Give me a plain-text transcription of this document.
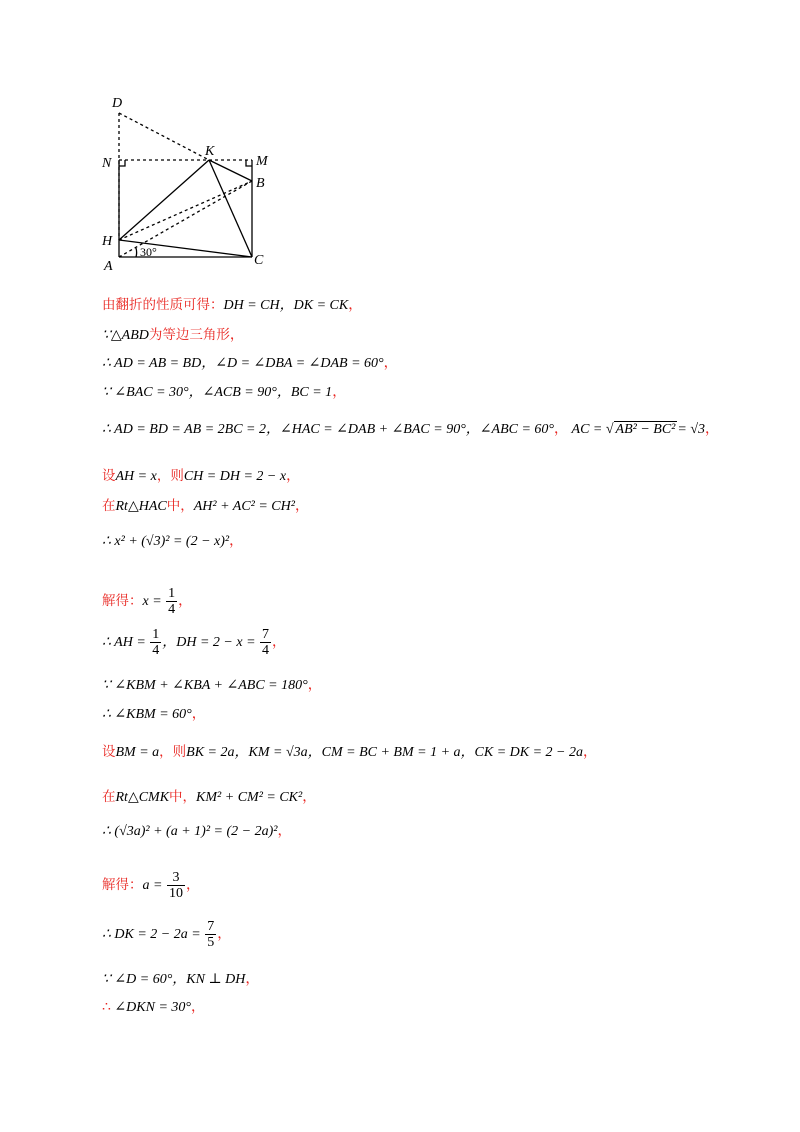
D
N
K
M
B
H
A	C
30°
由翻折的性质可得：DH = CH，DK = CK，
∵△ABD为等边三角形，
∴ AD = AB = BD，∠D = ∠DBA = ∠DAB = 60°，
∵ ∠BAC = 30°，∠ACB = 90°，BC = 1，
∴ AD = BD = AB = 2BC = 2，∠HAC = ∠DAB + ∠BAC = 90°，∠ABC = 60°， AC = √ AB² − BC² = √3，
设AH = x，则CH = DH = 2 − x，
在Rt△HAC中，AH² + AC² = CH²，
∴ x² + (√3)² = (2 − x)²，
解得：$x = \frac{1}{4}$ ，
∴ AH = $\frac{1}{4}$ ，DH = $2 - x = \frac{7}{4}$ ，
∵ ∠KBM + ∠KBA + ∠ABC = 180°，
∴ ∠KBM = 60°，
设BM = a，则BK = 2a，KM = √3a，CM = BC + BM = 1 + a，CK = DK = 2 − 2a，
在Rt△CMK中，KM² + CM² = CK²，
∴ (√3a)² + (a + 1)² = (2 − 2a)²，
解得：$a = \frac{3}{10}$ ，
∴ DK = $2 - 2a = \frac{7}{5}$ ，
∵ ∠D = 60°，KN ⊥ DH，
∴ ∠DKN = 30°，
